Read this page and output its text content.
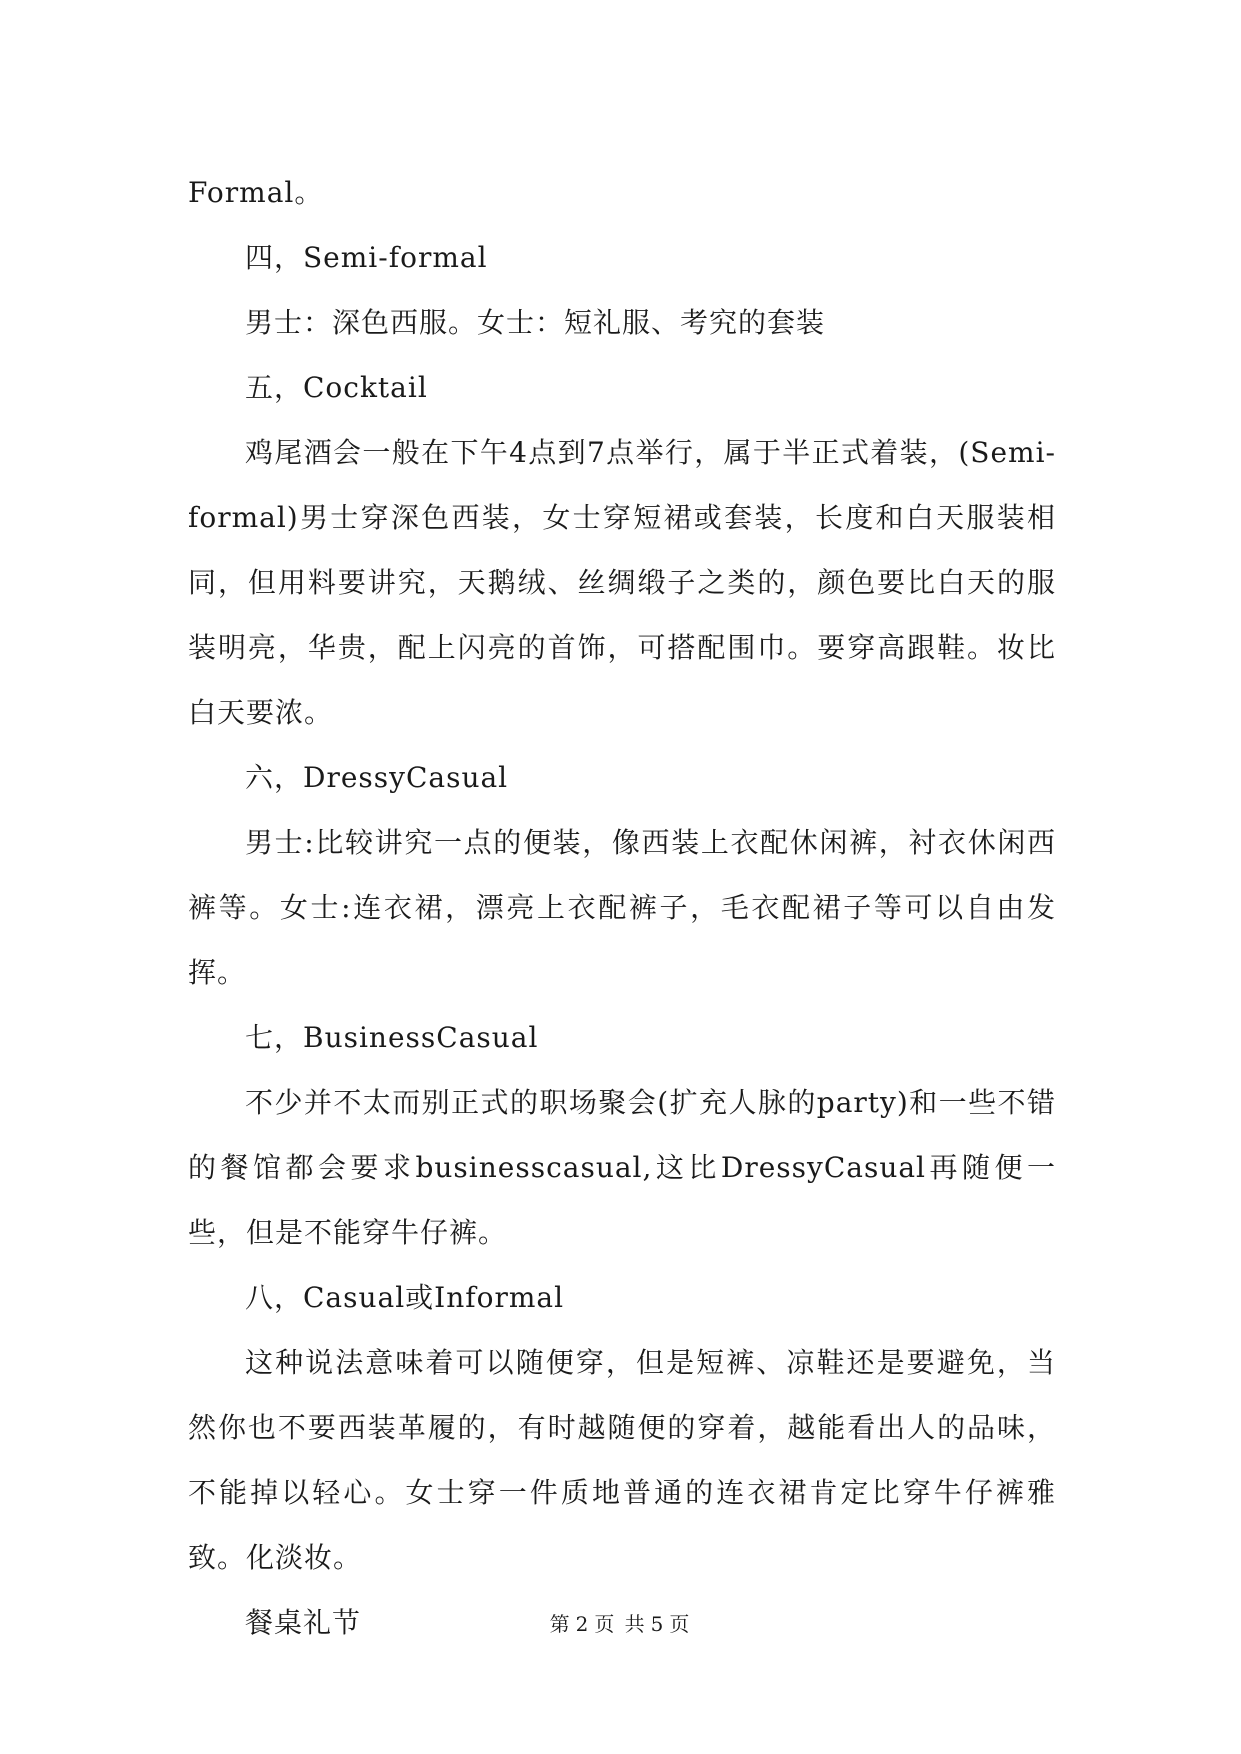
Formal。

四，Semi-formal

男士：深色西服。女士：短礼服、考究的套装

五，Cocktail

鸡尾酒会一般在下午4点到7点举行，属于半正式着装，(Semi-formal)男士穿深色西装，女士穿短裙或套装，长度和白天服装相同，但用料要讲究，天鹅绒、丝绸缎子之类的，颜色要比白天的服装明亮，华贵，配上闪亮的首饰，可搭配围巾。要穿高跟鞋。妆比白天要浓。

六，DressyCasual

男士:比较讲究一点的便装，像西装上衣配休闲裤，衬衣休闲西裤等。女士:连衣裙，漂亮上衣配裤子，毛衣配裙子等可以自由发挥。

七，BusinessCasual

不少并不太而别正式的职场聚会(扩充人脉的party)和一些不错的餐馆都会要求businesscasual,这比DressyCasual再随便一些，但是不能穿牛仔裤。

八，Casual或Informal

这种说法意味着可以随便穿，但是短裤、凉鞋还是要避免，当然你也不要西装革履的，有时越随便的穿着，越能看出人的品味，不能掉以轻心。女士穿一件质地普通的连衣裙肯定比穿牛仔裤雅致。化淡妆。

餐桌礼节	第 2 页 共 5 页
